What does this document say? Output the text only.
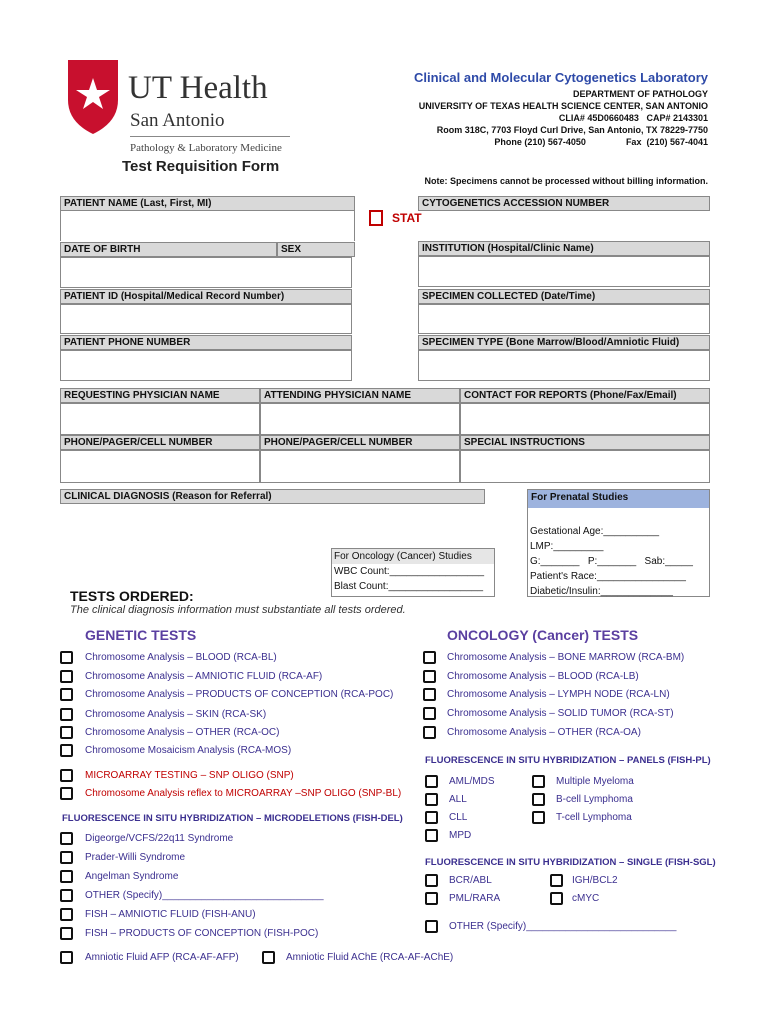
UT Health
San Antonio
Pathology & Laboratory Medicine
Test Requisition Form
Clinical and Molecular Cytogenetics Laboratory
DEPARTMENT OF PATHOLOGY
UNIVERSITY OF TEXAS HEALTH SCIENCE CENTER, SAN ANTONIO
CLIA# 45D0660483   CAP# 2143301
Room 318C, 7703 Floyd Curl Drive, San Antonio, TX 78229-7750
Phone (210) 567-4050	Fax  (210) 567-4041
Note: Specimens cannot be processed without billing information.
PATIENT NAME (Last, First, MI)	CYTOGENETICS ACCESSION NUMBER
STAT
DATE OF BIRTH	SEX	INSTITUTION (Hospital/Clinic Name)
PATIENT ID (Hospital/Medical Record Number)	SPECIMEN COLLECTED (Date/Time)
PATIENT PHONE NUMBER	SPECIMEN TYPE (Bone Marrow/Blood/Amniotic Fluid)
REQUESTING PHYSICIAN NAME	ATTENDING PHYSICIAN NAME	CONTACT FOR REPORTS (Phone/Fax/Email)
PHONE/PAGER/CELL NUMBER	PHONE/PAGER/CELL NUMBER	SPECIAL INSTRUCTIONS
CLINICAL DIAGNOSIS (Reason for Referral)	For Prenatal Studies
Gestational Age:__________
LMP:_________
G:_______   P:_______   Sab:_____
Patient's Race:________________
Diabetic/Insulin:_____________
For Oncology (Cancer) Studies
WBC Count:_________________
Blast Count:_________________
TESTS ORDERED:
The clinical diagnosis information must substantiate all tests ordered.
GENETIC TESTS	ONCOLOGY (Cancer) TESTS
Chromosome Analysis – BLOOD (RCA-BL)
Chromosome Analysis – AMNIOTIC FLUID (RCA-AF)
Chromosome Analysis – PRODUCTS OF CONCEPTION (RCA-POC)
Chromosome Analysis – SKIN (RCA-SK)
Chromosome Analysis – OTHER (RCA-OC)
Chromosome Mosaicism Analysis (RCA-MOS)
MICROARRAY TESTING – SNP OLIGO (SNP)
Chromosome Analysis reflex to MICROARRAY –SNP OLIGO (SNP-BL)
FLUORESCENCE IN SITU HYBRIDIZATION – MICRODELETIONS (FISH-DEL)
Digeorge/VCFS/22q11 Syndrome
Prader-Willi Syndrome
Angelman Syndrome
OTHER (Specify)_____________________________
FISH – AMNIOTIC FLUID (FISH-ANU)
FISH – PRODUCTS OF CONCEPTION (FISH-POC)
Amniotic Fluid AFP (RCA-AF-AFP)	Amniotic Fluid AChE (RCA-AF-AChE)
Chromosome Analysis – BONE MARROW (RCA-BM)
Chromosome Analysis – BLOOD (RCA-LB)
Chromosome Analysis – LYMPH NODE (RCA-LN)
Chromosome Analysis – SOLID TUMOR (RCA-ST)
Chromosome Analysis – OTHER (RCA-OA)
FLUORESCENCE IN SITU HYBRIDIZATION – PANELS (FISH-PL)
AML/MDS	Multiple Myeloma
ALL	B-cell Lymphoma
CLL	T-cell Lymphoma
MPD
FLUORESCENCE IN SITU HYBRIDIZATION – SINGLE (FISH-SGL)
BCR/ABL	IGH/BCL2
PML/RARA	cMYC
OTHER (Specify)___________________________
